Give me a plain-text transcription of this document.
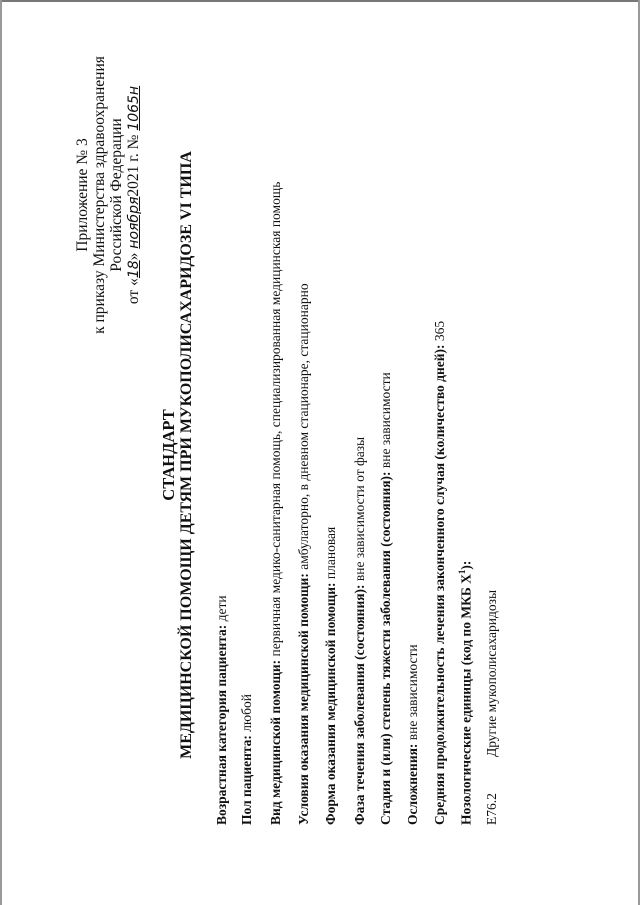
Приложение № 3 к приказу Министерства здравоохранения Российской Федерации
от «18» ноября2021 г. № 1065н
СТАНДАРТ МЕДИЦИНСКОЙ ПОМОЩИ ДЕТЯМ ПРИ МУКОПОЛИСАХАРИДОЗЕ VI ТИПА Возрастная категория пациента: дети
Пол пациента: любой Вид медицинской помощи: первичная медико-санитарная помощь, специализированная медицинская помощь
Условия оказания медицинской помощи: амбулаторно, в дневном стационаре, стационарно
Форма оказания медицинской помощи: плановая
Фаза течения заболевания (состояния): вне зависимости от фазы Стадия и (или) степень тяжести заболевания (состояния): вне зависимости
Осложнения: вне зависимости Средняя продолжительность лечения законченного случая (количество дней): 365
Нозологические единицы (код по МКБ $X^1$):
E76.2
Другие мукополисахаридозы
